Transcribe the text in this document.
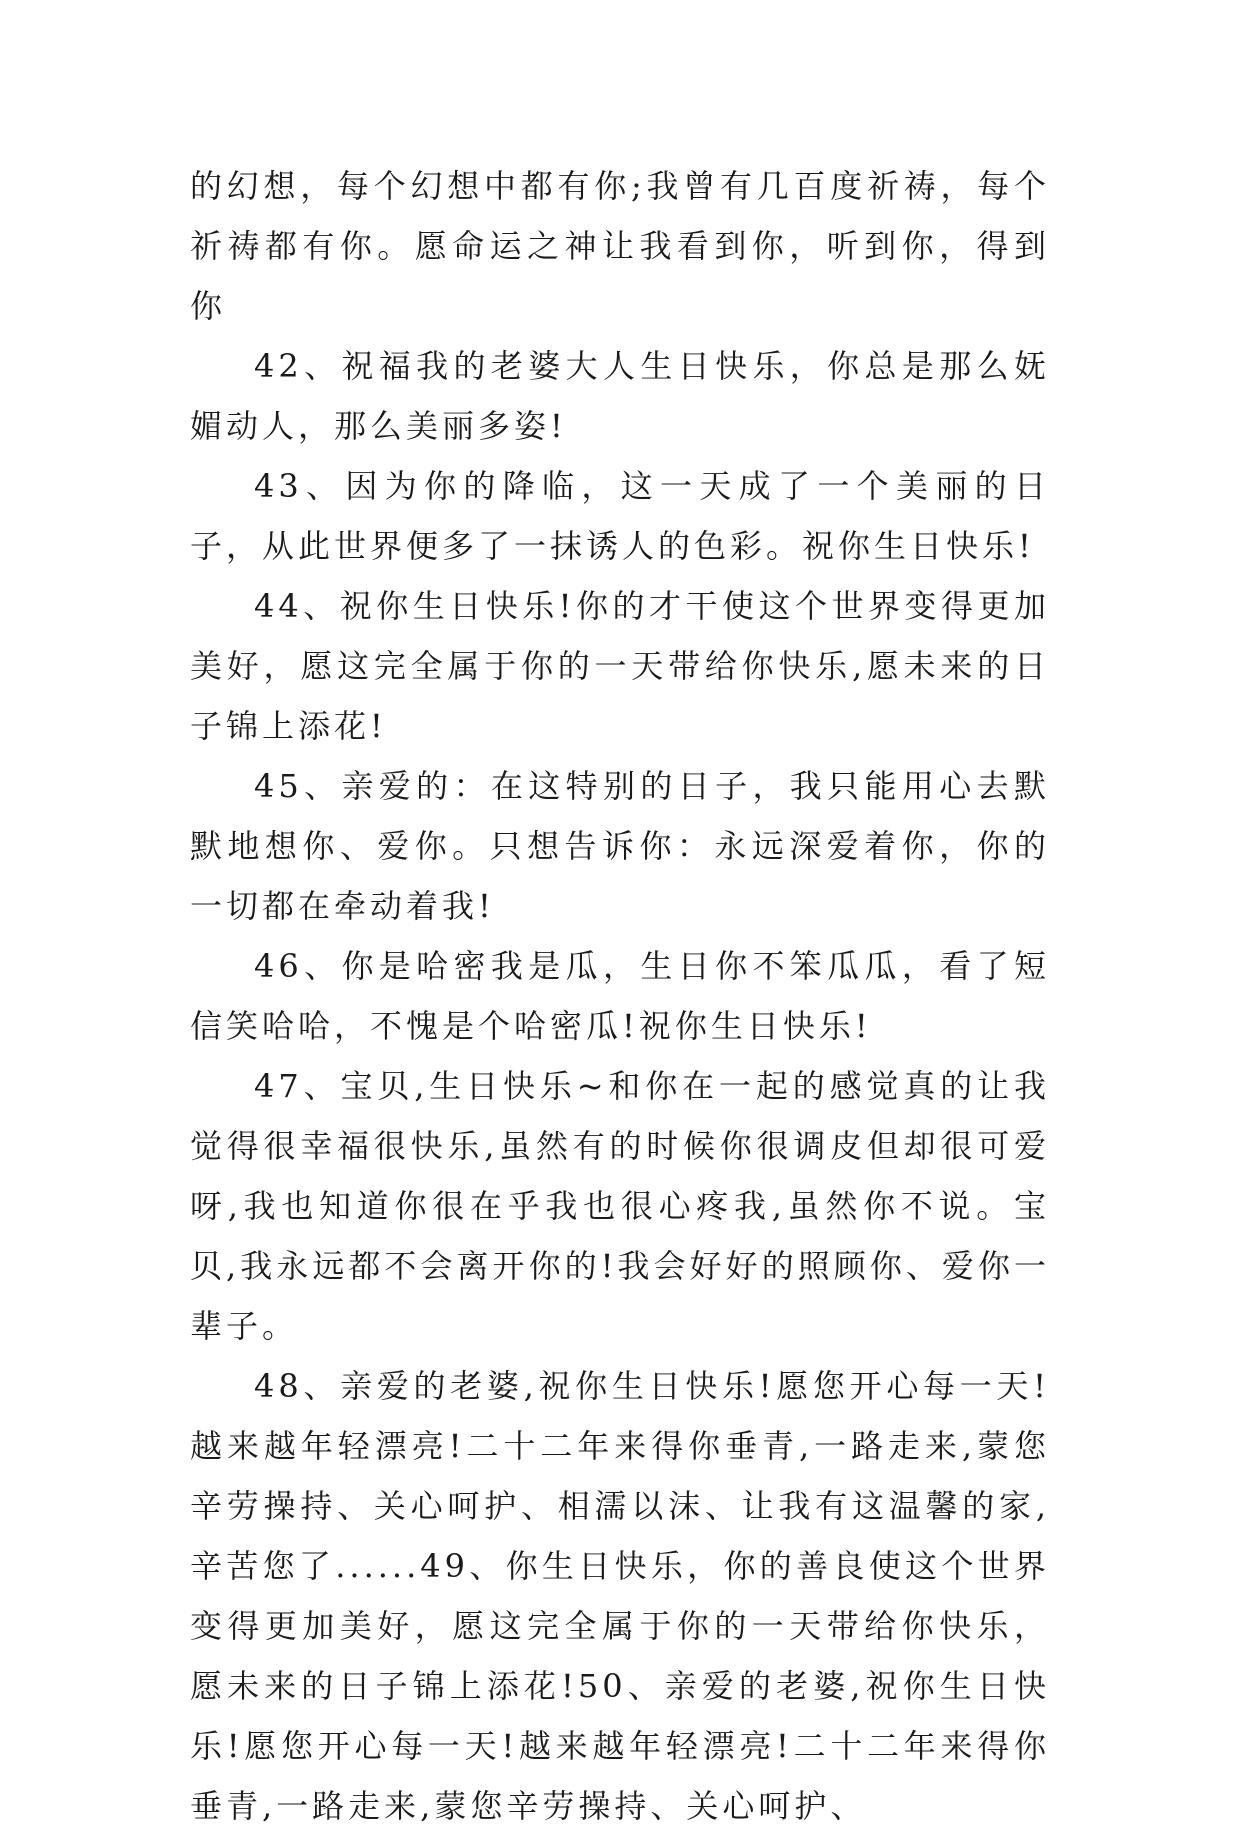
的幻想，每个幻想中都有你;我曾有几百度祈祷，每个祈祷都有你。愿命运之神让我看到你，听到你，得到你

42、祝福我的老婆大人生日快乐，你总是那么妩媚动人，那么美丽多姿!

43、因为你的降临，这一天成了一个美丽的日子，从此世界便多了一抹诱人的色彩。祝你生日快乐!

44、祝你生日快乐!你的才干使这个世界变得更加美好，愿这完全属于你的一天带给你快乐,愿未来的日子锦上添花!

45、亲爱的：在这特别的日子，我只能用心去默默地想你、爱你。只想告诉你：永远深爱着你，你的一切都在牵动着我!

46、你是哈密我是瓜，生日你不笨瓜瓜，看了短信笑哈哈，不愧是个哈密瓜!祝你生日快乐!

47、宝贝,生日快乐~和你在一起的感觉真的让我觉得很幸福很快乐,虽然有的时候你很调皮但却很可爱呀,我也知道你很在乎我也很心疼我,虽然你不说。宝贝,我永远都不会离开你的!我会好好的照顾你、爱你一辈子。

48、亲爱的老婆,祝你生日快乐!愿您开心每一天!越来越年轻漂亮!二十二年来得你垂青,一路走来,蒙您辛劳操持、关心呵护、相濡以沫、让我有这温馨的家,辛苦您了......49、你生日快乐，你的善良使这个世界变得更加美好，愿这完全属于你的一天带给你快乐，愿未来的日子锦上添花!50、亲爱的老婆,祝你生日快乐!愿您开心每一天!越来越年轻漂亮!二十二年来得你垂青,一路走来,蒙您辛劳操持、关心呵护、
